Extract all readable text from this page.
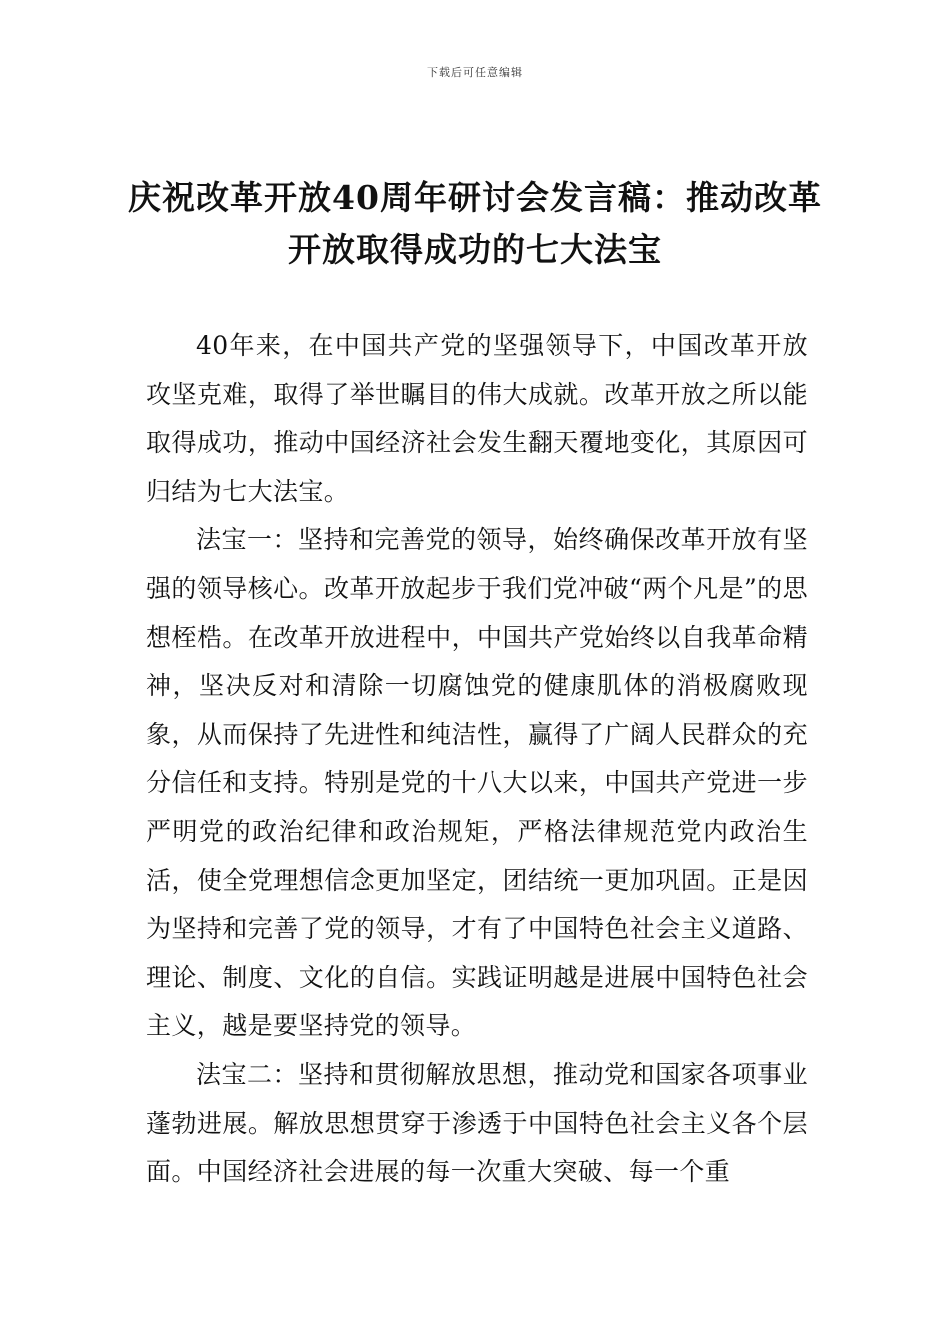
下载后可任意编辑
庆祝改革开放40周年研讨会发言稿：推动改革开放取得成功的七大法宝

40年来，在中国共产党的坚强领导下，中国改革开放攻坚克难，取得了举世瞩目的伟大成就。改革开放之所以能取得成功，推动中国经济社会发生翻天覆地变化，其原因可归结为七大法宝。

法宝一：坚持和完善党的领导，始终确保改革开放有坚强的领导核心。改革开放起步于我们党冲破“两个凡是”的思想桎梏。在改革开放进程中，中国共产党始终以自我革命精神，坚决反对和清除一切腐蚀党的健康肌体的消极腐败现象，从而保持了先进性和纯洁性，赢得了广阔人民群众的充分信任和支持。特别是党的十八大以来，中国共产党进一步严明党的政治纪律和政治规矩，严格法律规范党内政治生活，使全党理想信念更加坚定，团结统一更加巩固。正是因为坚持和完善了党的领导，才有了中国特色社会主义道路、理论、制度、文化的自信。实践证明越是进展中国特色社会主义，越是要坚持党的领导。

法宝二：坚持和贯彻解放思想，推动党和国家各项事业蓬勃进展。解放思想贯穿于渗透于中国特色社会主义各个层面。中国经济社会进展的每一次重大突破、每一个重
